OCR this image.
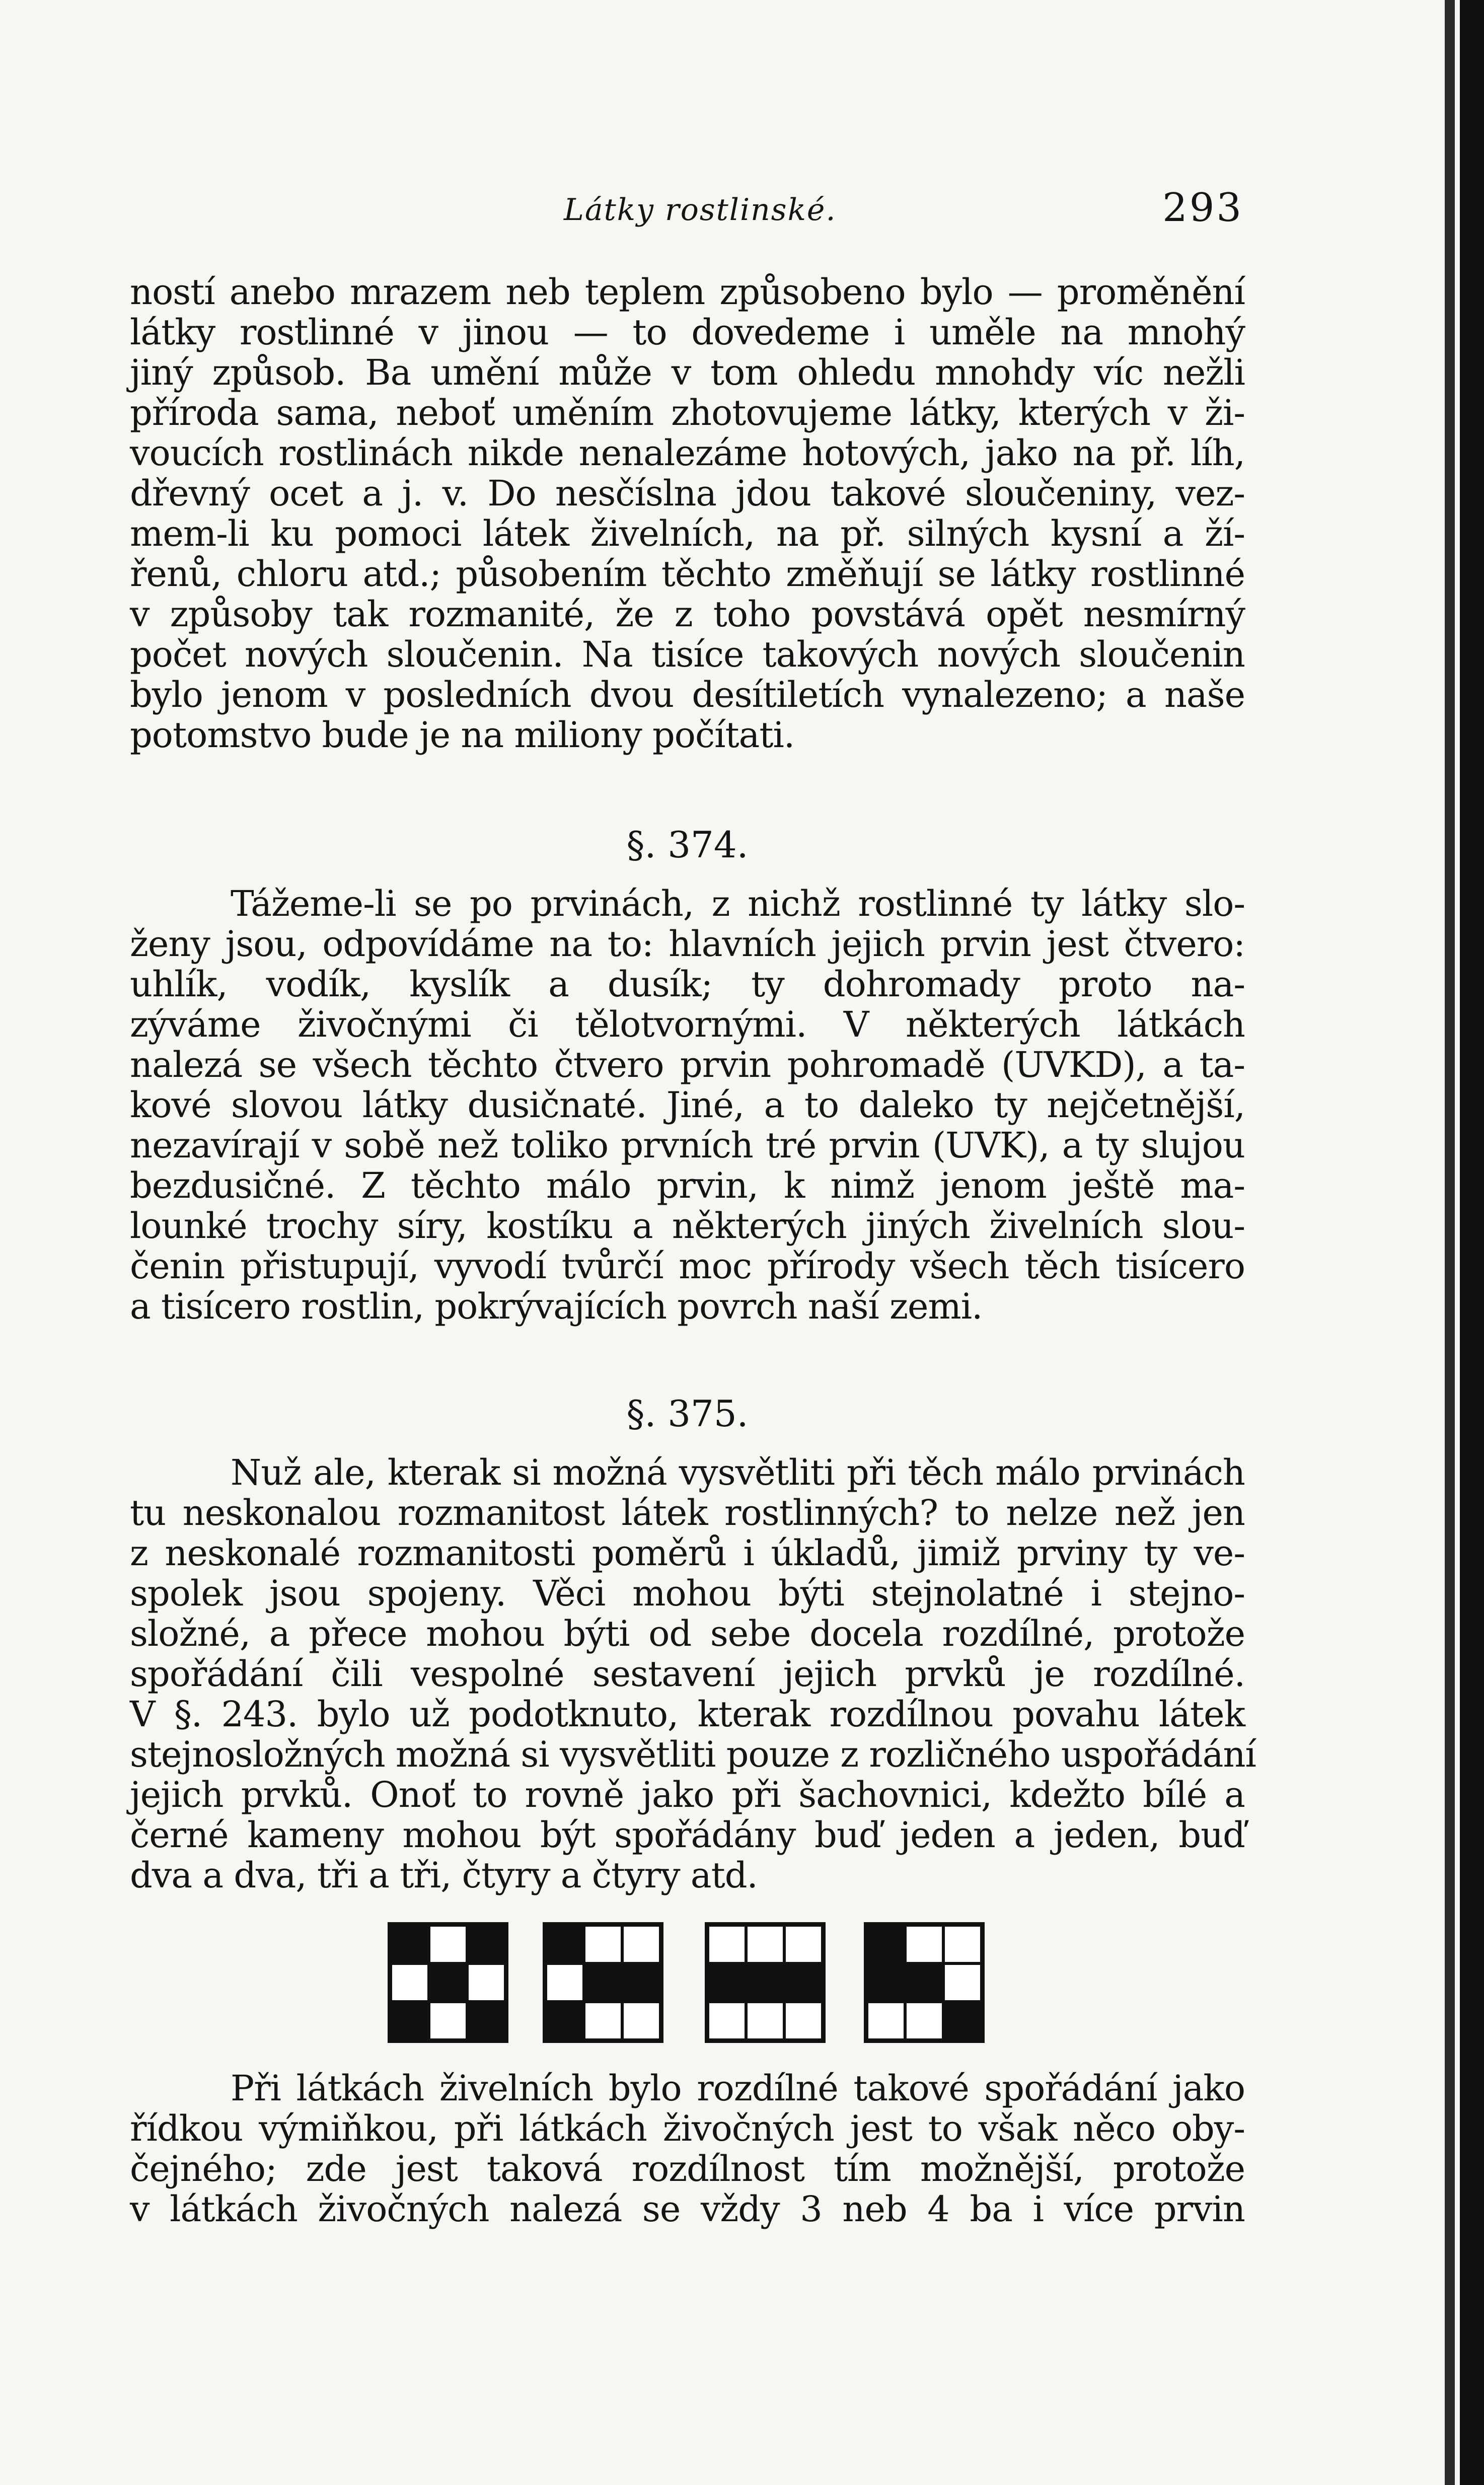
Látky rostlinské.	293
ností anebo mrazem neb teplem způsobeno bylo — proměnění
látky rostlinné v jinou — to dovedeme i uměle na mnohý
jiný způsob. Ba umění může v tom ohledu mnohdy víc nežli
příroda sama, neboť uměním zhotovujeme látky, kterých v ži-
voucích rostlinách nikde nenalezáme hotových, jako na př. líh,
dřevný ocet a j. v. Do nesčíslna jdou takové sloučeniny, vez-
mem-li ku pomoci látek živelních, na př. silných kysní a ží-
řenů, chloru atd.; působením těchto změňují se látky rostlinné
v způsoby tak rozmanité, že z toho povstává opět nesmírný
počet nových sloučenin. Na tisíce takových nových sloučenin
bylo jenom v posledních dvou desítiletích vynalezeno; a naše
potomstvo bude je na miliony počítati.
§. 374.
Tážeme-li se po prvinách, z nichž rostlinné ty látky slo-
ženy jsou, odpovídáme na to: hlavních jejich prvin jest čtvero:
uhlík, vodík, kyslík a dusík; ty dohromady proto na-
zýváme živočnými či tělotvornými. V některých látkách
nalezá se všech těchto čtvero prvin pohromadě (UVKD), a ta-
kové slovou látky dusičnaté. Jiné, a to daleko ty nejčetnější,
nezavírají v sobě než toliko prvních tré prvin (UVK), a ty slujou
bezdusičné. Z těchto málo prvin, k nimž jenom ještě ma-
lounké trochy síry, kostíku a některých jiných živelních slou-
čenin přistupují, vyvodí tvůrčí moc přírody všech těch tisícero
a tisícero rostlin, pokrývajících povrch naší zemi.
§. 375.
Nuž ale, kterak si možná vysvětliti při těch málo prvinách
tu neskonalou rozmanitost látek rostlinných? to nelze než jen
z neskonalé rozmanitosti poměrů i úkladů, jimiž prviny ty ve-
spolek jsou spojeny. Věci mohou býti stejnolatné i stejno-
složné, a přece mohou býti od sebe docela rozdílné, protože
spořádání čili vespolné sestavení jejich prvků je rozdílné.
V §. 243. bylo už podotknuto, kterak rozdílnou povahu látek
stejnosložných možná si vysvětliti pouze z rozličného uspořádání
jejich prvků. Onoť to rovně jako při šachovnici, kdežto bílé a
černé kameny mohou být spořádány buď jeden a jeden, buď
dva a dva, tři a tři, čtyry a čtyry atd.
Při látkách živelních bylo rozdílné takové spořádání jako
řídkou výmiňkou, při látkách živočných jest to však něco oby-
čejného; zde jest taková rozdílnost tím možnější, protože
v látkách živočných nalezá se vždy 3 neb 4 ba i více prvin
